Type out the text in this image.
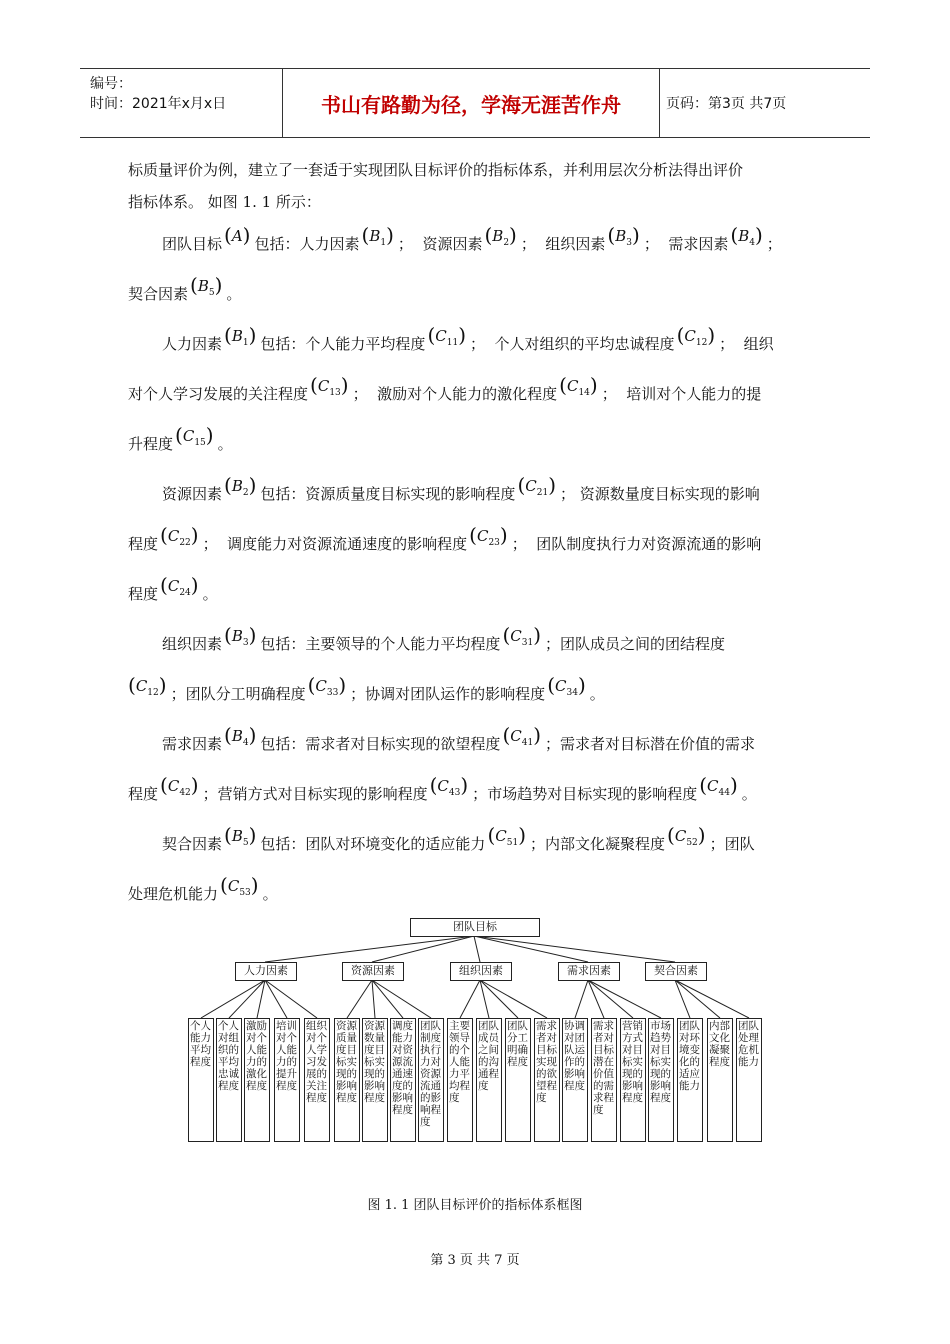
编号：
时间：2021年x月x日	书山有路勤为径，学海无涯苦作舟	页码：第3页 共7页
标质量评价为例，建立了一套适于实现团队目标评价的指标体系，并利用层次分析法得出评价
指标体系。 如图 1. 1 所示：
团队目标 (A) 包括：人力因素 $(B_1)$ ；  资源因素 $(B_2)$ ；  组织因素 $(B_3)$ ；  需求因素 $(B_4)$ ；
契合因素 $(B_5)$ 。
人力因素 $(B_1)$ 包括：个人能力平均程度 $(C_{11})$ ；  个人对组织的平均忠诚程度 $(C_{12})$ ；  组织
对个人学习发展的关注程度 $(C_{13})$ ；  激励对个人能力的激化程度 $(C_{14})$ ；  培训对个人能力的提
升程度 $(C_{15})$ 。
资源因素 $(B_2)$ 包括：资源质量度目标实现的影响程度 $(C_{21})$ ； 资源数量度目标实现的影响
程度 $(C_{22})$ ；  调度能力对资源流通速度的影响程度 $(C_{23})$ ；  团队制度执行力对资源流通的影响
程度 $(C_{24})$ 。
组织因素 $(B_3)$ 包括：主要领导的个人能力平均程度 $(C_{31})$ ；团队成员之间的团结程度
$(C_{12})$ ；团队分工明确程度 $(C_{33})$ ；协调对团队运作的影响程度 $(C_{34})$ 。
需求因素 $(B_4)$ 包括：需求者对目标实现的欲望程度 $(C_{41})$ ；需求者对目标潜在价值的需求
程度 $(C_{42})$ ；营销方式对目标实现的影响程度 $(C_{43})$ ；市场趋势对目标实现的影响程度 $(C_{44})$ 。
契合因素 $(B_5)$ 包括：团队对环境变化的适应能力 $(C_{51})$ ；内部文化凝聚程度 $(C_{52})$ ；团队
处理危机能力 $(C_{53})$ 。
团队目标
人力因素	资源因素	组织因素	需求因素	契合因素
个人能力平均程度
个人对组织的平均忠诚程度
激励对个人能力的激化程度
培训对个人能力的提升程度
组织对个人学习发展的关注程度
资源质量度目标实现的影响程度
资源数量度目标实现的影响程度
调度能力对资源流通速度的影响程度
团队制度执行力对资源流通的影响程度
主要领导的个人能力平均程度
团队成员之间的沟通程度
团队分工明确程度
需求者对目标实现的欲望程度
协调对团队运作的影响程度
需求者对目标潜在价值的需求程度
营销方式对目标实现的影响程度
市场趋势对目标实现的影响程度
团队对环境变化的适应能力
内部文化凝聚程度
团队处理危机能力
图 1. 1 团队目标评价的指标体系框图
第 3 页 共 7 页
